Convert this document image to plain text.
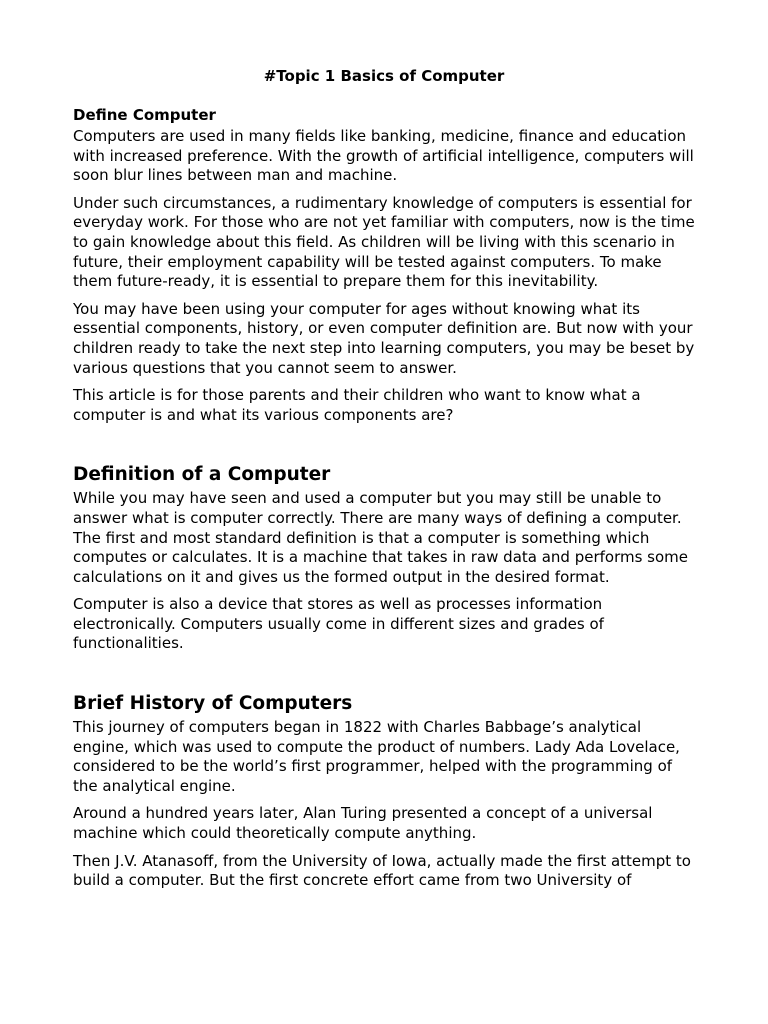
#Topic 1 Basics of Computer
Define Computer

Computers are used in many fields like banking, medicine, finance and education with increased preference. With the growth of artificial intelligence, computers will soon blur lines between man and machine.

Under such circumstances, a rudimentary knowledge of computers is essential for everyday work. For those who are not yet familiar with computers, now is the time to gain knowledge about this field. As children will be living with this scenario in future, their employment capability will be tested against computers. To make them future-ready, it is essential to prepare them for this inevitability.

You may have been using your computer for ages without knowing what its essential components, history, or even computer definition are. But now with your children ready to take the next step into learning computers, you may be beset by various questions that you cannot seem to answer.

This article is for those parents and their children who want to know what a computer is and what its various components are?

Definition of a Computer

While you may have seen and used a computer but you may still be unable to answer what is computer correctly. There are many ways of defining a computer. The first and most standard definition is that a computer is something which computes or calculates. It is a machine that takes in raw data and performs some calculations on it and gives us the formed output in the desired format.

Computer is also a device that stores as well as processes information electronically. Computers usually come in different sizes and grades of functionalities.

Brief History of Computers

This journey of computers began in 1822 with Charles Babbage’s analytical engine, which was used to compute the product of numbers. Lady Ada Lovelace, considered to be the world’s first programmer, helped with the programming of the analytical engine.

Around a hundred years later, Alan Turing presented a concept of a universal machine which could theoretically compute anything.

Then J.V. Atanasoff, from the University of Iowa, actually made the first attempt to build a computer. But the first concrete effort came from two University of
